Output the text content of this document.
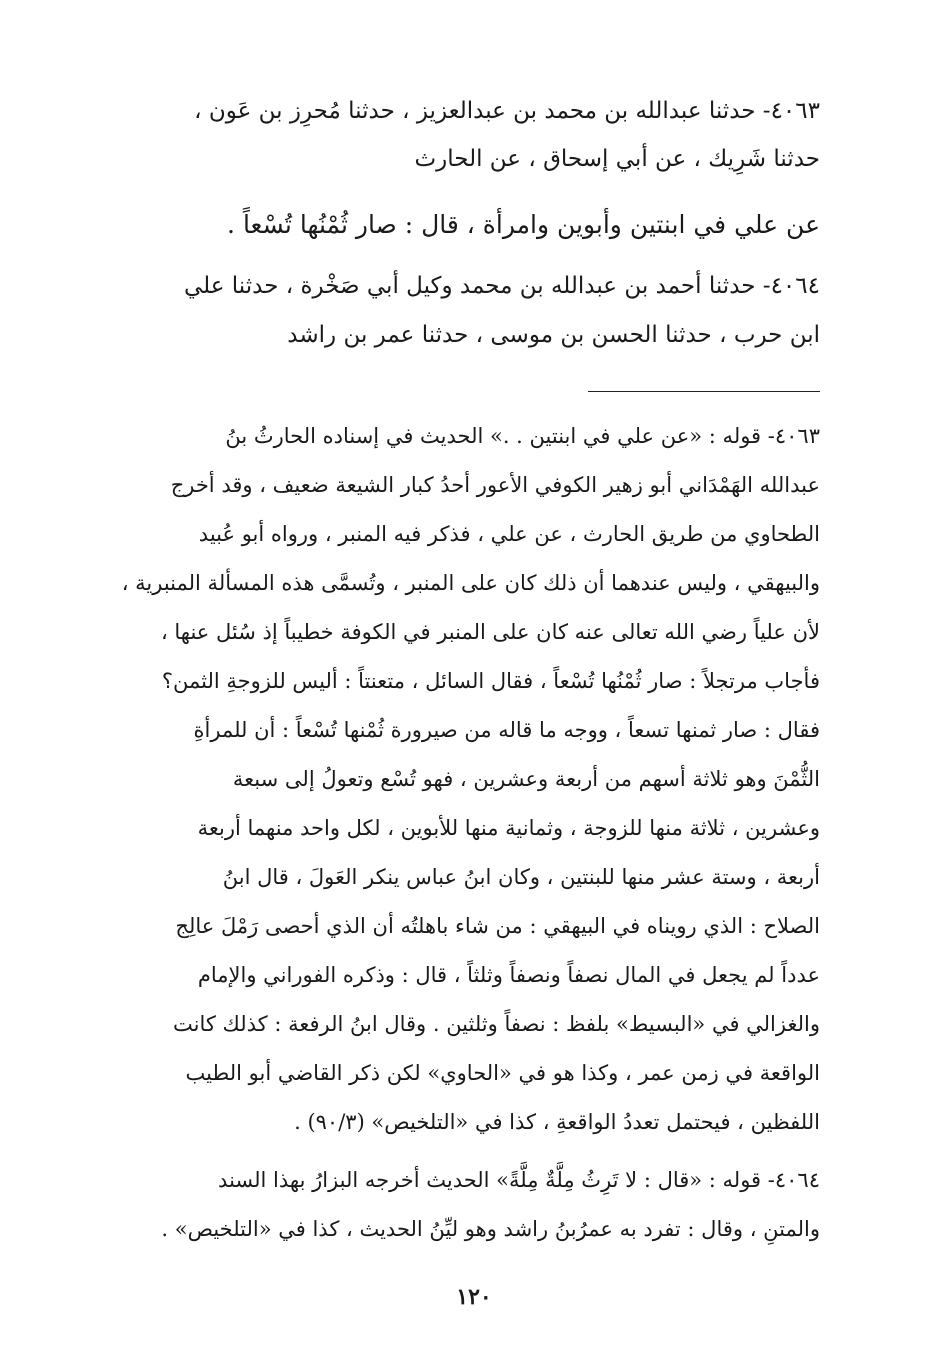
٤٠٦٣- حدثنا عبدالله بن محمد بن عبدالعزيز ، حدثنا مُحرِز بن عَون ،
حدثنا شَرِيك ، عن أبي إسحاق ، عن الحارث
عن علي في ابنتين وأبوين وامرأة ، قال : صار ثُمْنُها تُسْعاً .
٤٠٦٤- حدثنا أحمد بن عبدالله بن محمد وكيل أبي صَخْرة ، حدثنا علي
ابن حرب ، حدثنا الحسن بن موسى ، حدثنا عمر بن راشد
٤٠٦٣- قوله : «عن علي في ابنتين . .» الحديث في إسناده الحارثُ بنُ
عبدالله الهَمْدَاني أبو زهير الكوفي الأعور أحدُ كبار الشيعة ضعيف ، وقد أخرج
الطحاوي من طريق الحارث ، عن علي ، فذكر فيه المنبر ، ورواه أبو عُبيد
والبيهقي ، وليس عندهما أن ذلك كان على المنبر ، وتُسمَّى هذه المسألة المنبرية ،
لأن علياً رضي الله تعالى عنه كان على المنبر في الكوفة خطيباً إذ سُئل عنها ،
فأجاب مرتجلاً : صار ثُمْنُها تُسْعاً ، فقال السائل ، متعنتاً : أليس للزوجةِ الثمن؟
فقال : صار ثمنها تسعاً ، ووجه ما قاله من صيرورة ثُمْنها تُسْعاً : أن للمرأةِ
الثُّمْنَ وهو ثلاثة أسهم من أربعة وعشرين ، فهو تُسْع وتعولُ إلى سبعة
وعشرين ، ثلاثة منها للزوجة ، وثمانية منها للأبوين ، لكل واحد منهما أربعة
أربعة ، وستة عشر منها للبنتين ، وكان ابنُ عباس ينكر العَولَ ، قال ابنُ
الصلاح : الذي رويناه في البيهقي : من شاء باهلتُه أن الذي أحصى رَمْلَ عالِج
عدداً لم يجعل في المال نصفاً ونصفاً وثلثاً ، قال : وذكره الفوراني والإمام
والغزالي في «البسيط» بلفظ : نصفاً وثلثين . وقال ابنُ الرفعة : كذلك كانت
الواقعة في زمن عمر ، وكذا هو في «الحاوي» لكن ذكر القاضي أبو الطيب
اللفظين ، فيحتمل تعددُ الواقعةِ ، كذا في «التلخيص» (٩٠/٣) .
٤٠٦٤- قوله : «قال : لا تَرِثُ مِلَّةٌ مِلَّةً» الحديث أخرجه البزارُ بهذا السند
والمتنِ ، وقال : تفرد به عمرُبنُ راشد وهو ليِّنُ الحديث ، كذا في «التلخيص» .
١٢٠
